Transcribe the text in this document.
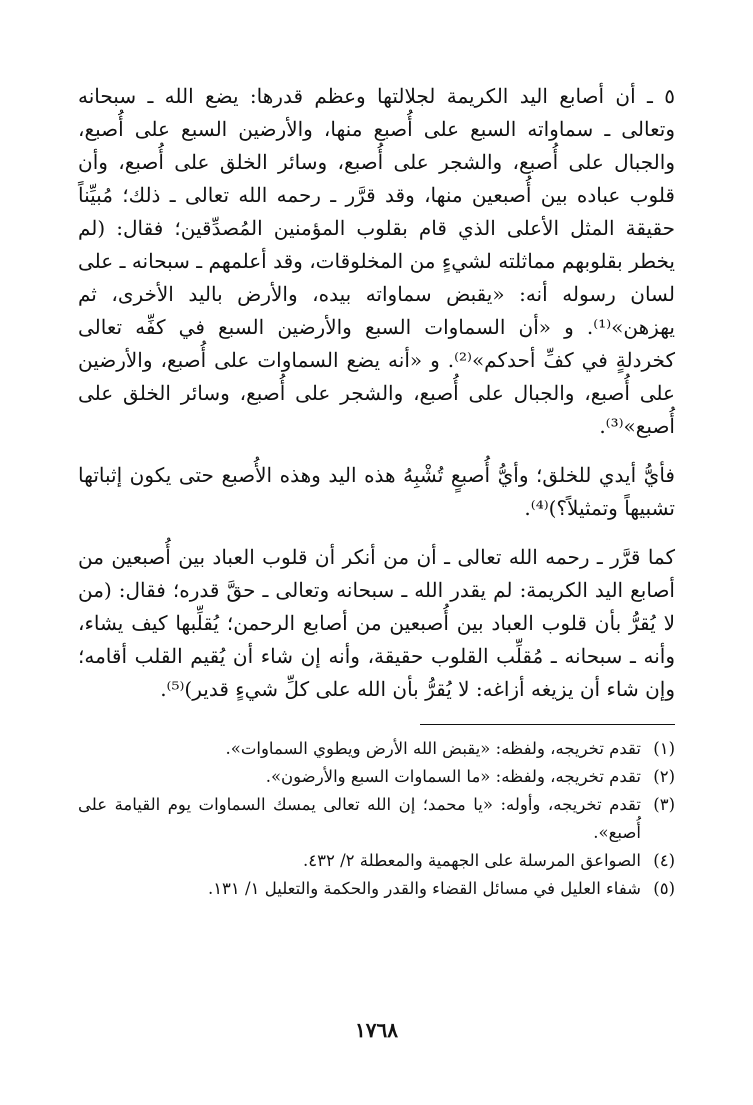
٥ ـ أن أصابع اليد الكريمة لجلالتها وعظم قدرها: يضع الله ـ سبحانه وتعالى ـ سماواته السبع على أُصبع منها، والأرضين السبع على أُصبع، والجبال على أُصبع، والشجر على أُصبع، وسائر الخلق على أُصبع، وأن قلوب عباده بين أُصبعين منها، وقد قرَّر ـ رحمه الله تعالى ـ ذلك؛ مُبيِّناً حقيقة المثل الأعلى الذي قام بقلوب المؤمنين المُصدِّقين؛ فقال: (لم يخطر بقلوبهم مماثلته لشيءٍ من المخلوقات، وقد أعلمهم ـ سبحانه ـ على لسان رسوله أنه: «يقبض سماواته بيده، والأرض باليد الأخرى، ثم يهزهن»⁽¹⁾. و «أن السماوات السبع والأرضين السبع في كفِّه تعالى كخردلةٍ في كفِّ أحدكم»⁽²⁾. و «أنه يضع السماوات على أُصبع، والأرضين على أُصبع، والجبال على أُصبع، والشجر على أُصبع، وسائر الخلق على أُصبع»⁽³⁾.

فأيُّ أيدي للخلق؛ وأيُّ أُصبعٍ تُشْبِهُ هذه اليد وهذه الأُصبع حتى يكون إثباتها تشبيهاً وتمثيلاً؟)⁽⁴⁾.

كما قرَّر ـ رحمه الله تعالى ـ أن من أنكر أن قلوب العباد بين أُصبعين من أصابع اليد الكريمة: لم يقدر الله ـ سبحانه وتعالى ـ حقَّ قدره؛ فقال: (من لا يُقرُّ بأن قلوب العباد بين أُصبعين من أصابع الرحمن؛ يُقلِّبها كيف يشاء، وأنه ـ سبحانه ـ مُقلِّب القلوب حقيقة، وأنه إن شاء أن يُقيم القلب أقامه؛ وإن شاء أن يزيغه أزاغه: لا يُقرُّ بأن الله على كلِّ شيءٍ قدير)⁽⁵⁾.

(١)
تقدم تخريجه، ولفظه: «يقبض الله الأرض ويطوي السماوات».
(٢)
تقدم تخريجه، ولفظه: «ما السماوات السبع والأرضون».
(٣)
تقدم تخريجه، وأوله: «يا محمد؛ إن الله تعالى يمسك السماوات يوم القيامة على أُصبع».
(٤)
الصواعق المرسلة على الجهمية والمعطلة ٢/ ٤٣٢.
(٥)
شفاء العليل في مسائل القضاء والقدر والحكمة والتعليل ١/ ١٣١.
١٧٦٨
